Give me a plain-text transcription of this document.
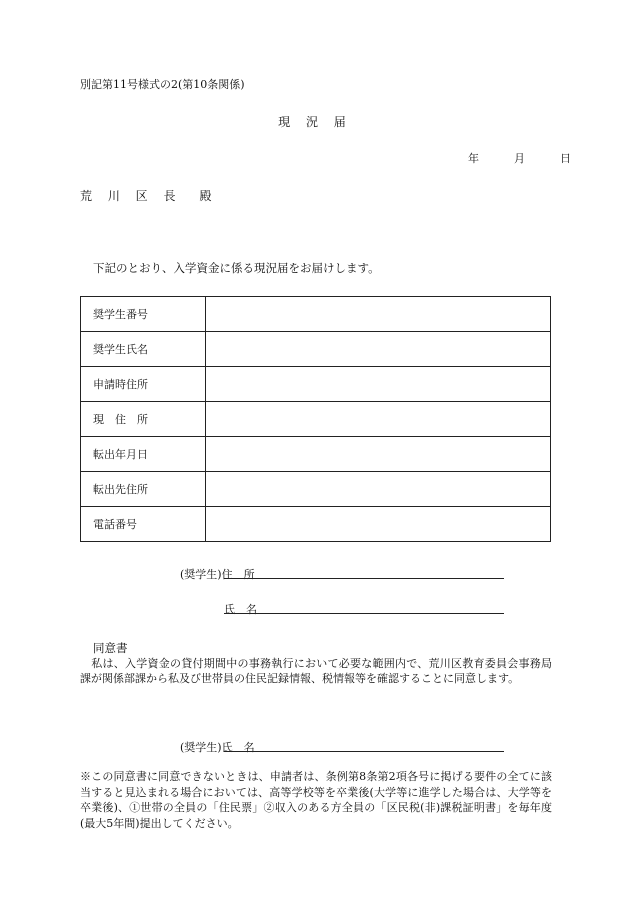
別記第11号様式の2(第10条関係)
現 況 届
年	月	日
荒 川 区 長　殿
下記のとおり、入学資金に係る現況届をお届けします。
奨学生番号	
奨学生氏名	
申請時住所	
現　住　所	
転出年月日	
転出先住所	
電話番号	
(奨学生)住　所
氏　名
同意書
　私は、入学資金の貸付期間中の事務執行において必要な範囲内で、荒川区教育委員会事務局　　　課が関係部課から私及び世帯員の住民記録情報、税情報等を確認することに同意します。
(奨学生)氏　名
※この同意書に同意できないときは、申請者は、条例第8条第2項各号に掲げる要件の全てに該当すると見込まれる場合においては、高等学校等を卒業後(大学等に進学した場合は、大学等を卒業後)、①世帯の全員の「住民票」②収入のある方全員の「区民税(非)課税証明書」を毎年度(最大5年間)提出してください。
